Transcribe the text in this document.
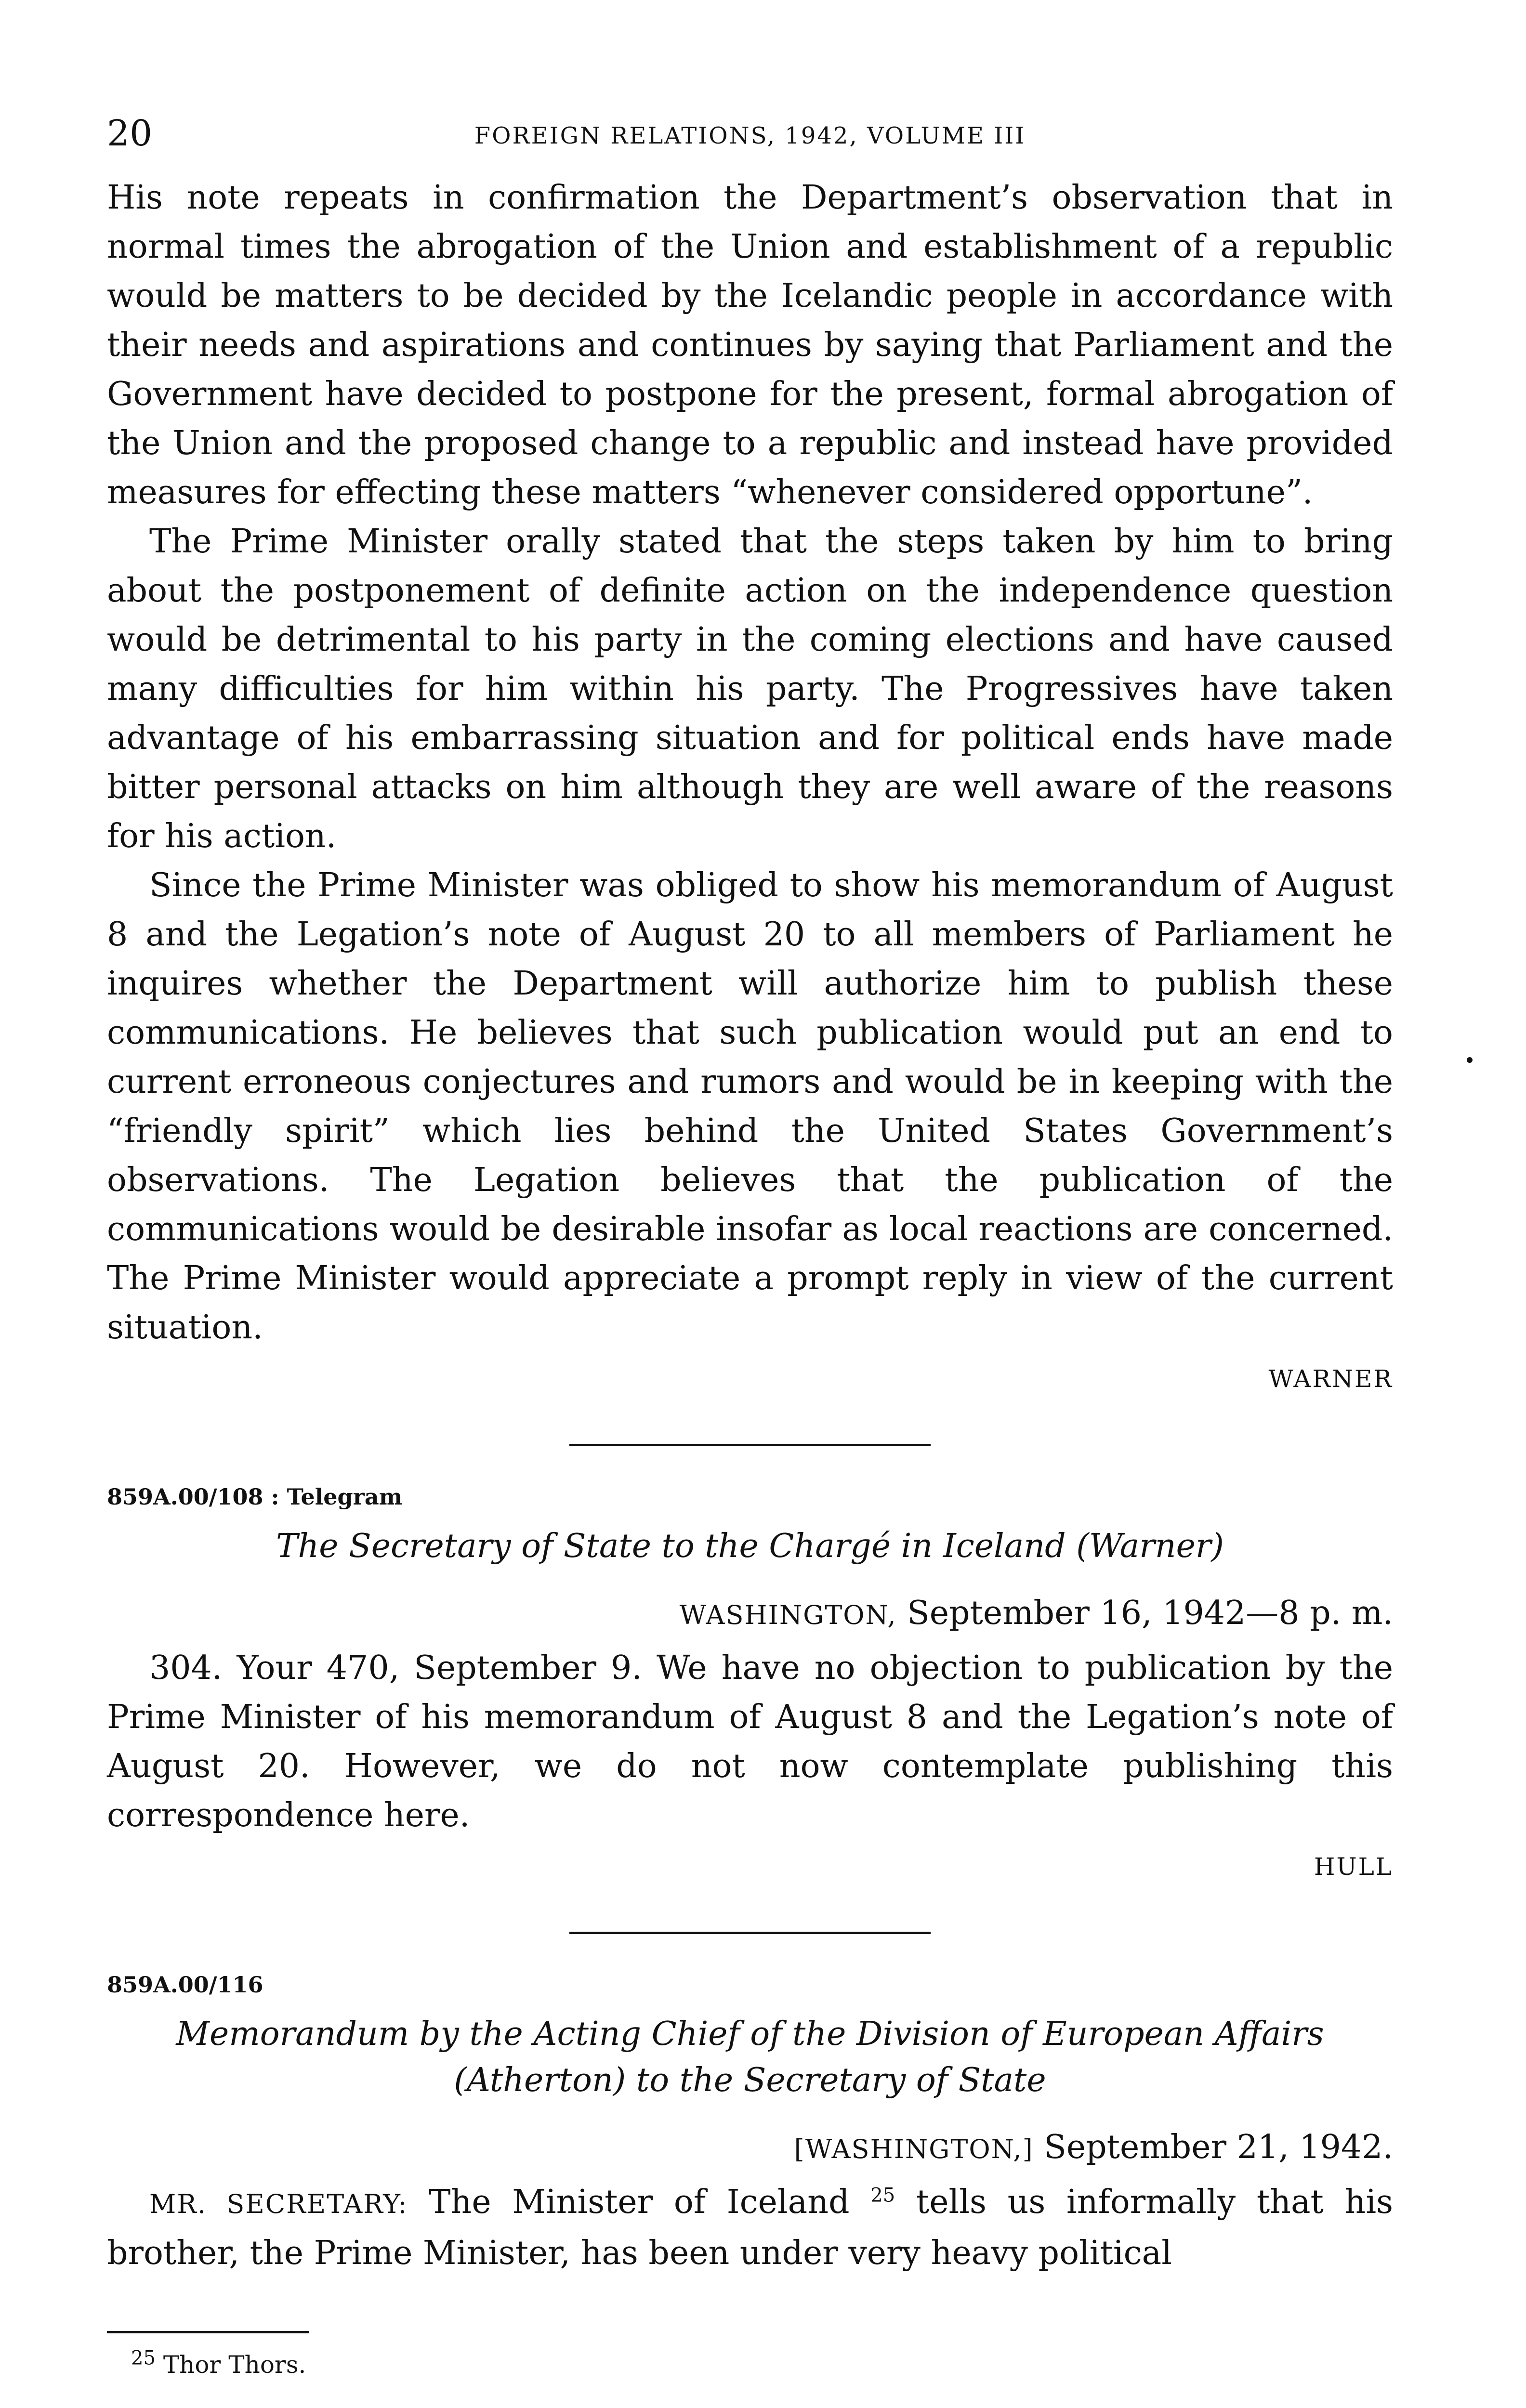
20	FOREIGN RELATIONS, 1942, VOLUME III

His note repeats in confirmation the Department’s observation that in normal times the abrogation of the Union and establishment of a republic would be matters to be decided by the Icelandic people in accordance with their needs and aspirations and continues by saying that Parliament and the Government have decided to postpone for the present, formal abrogation of the Union and the proposed change to a republic and instead have provided measures for effecting these matters “whenever considered opportune”.

The Prime Minister orally stated that the steps taken by him to bring about the postponement of definite action on the independence question would be detrimental to his party in the coming elections and have caused many difficulties for him within his party. The Progressives have taken advantage of his embarrassing situation and for political ends have made bitter personal attacks on him although they are well aware of the reasons for his action.

Since the Prime Minister was obliged to show his memorandum of August 8 and the Legation’s note of August 20 to all members of Parliament he inquires whether the Department will authorize him to publish these communications. He believes that such publication would put an end to current erroneous conjectures and rumors and would be in keeping with the “friendly spirit” which lies behind the United States Government’s observations. The Legation believes that the publication of the communications would be desirable insofar as local reactions are concerned. The Prime Minister would appreciate a prompt reply in view of the current situation.

WARNER
859A.00/108 : Telegram
The Secretary of State to the Chargé in Iceland (Warner)
WASHINGTON, September 16, 1942—8 p. m.

304. Your 470, September 9. We have no objection to publication by the Prime Minister of his memorandum of August 8 and the Legation’s note of August 20. However, we do not now contemplate publishing this correspondence here.

HULL
859A.00/116
Memorandum by the Acting Chief of the Division of European Affairs
(Atherton) to the Secretary of State
[WASHINGTON,] September 21, 1942.

MR. SECRETARY: The Minister of Iceland $^{25}$ tells us informally that his brother, the Prime Minister, has been under very heavy political

$^{25}$ Thor Thors.
